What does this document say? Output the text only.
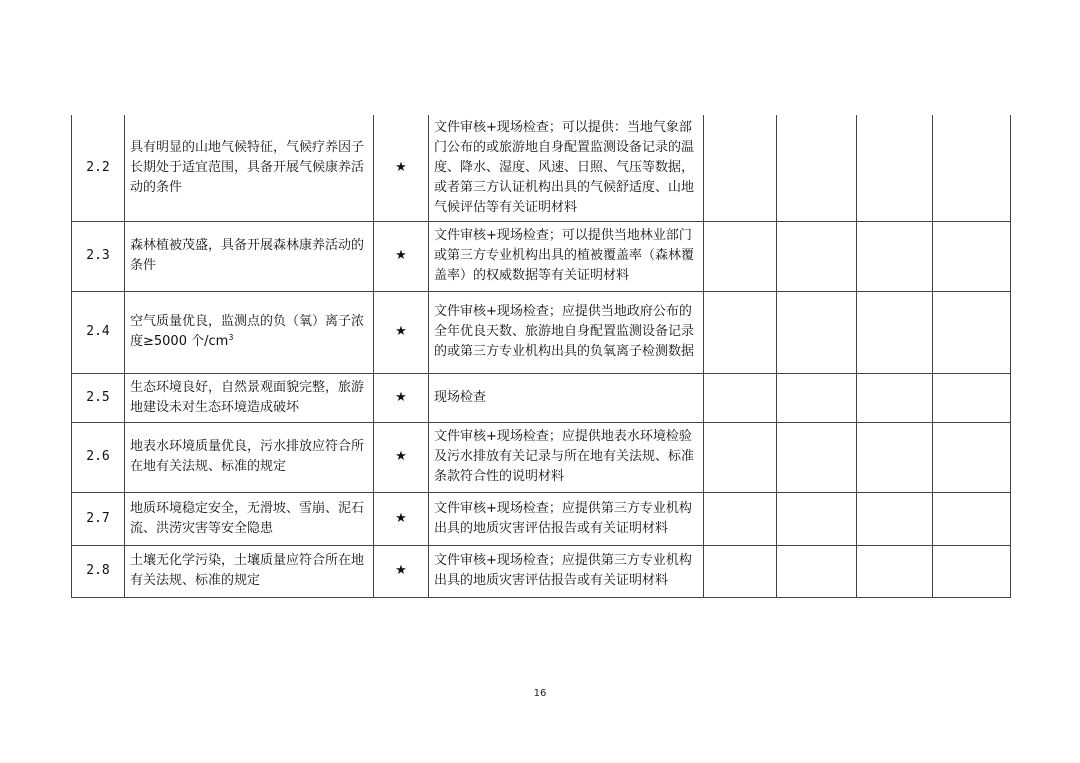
2.2	具有明显的山地气候特征，气候疗养因子长期处于适宜范围，具备开展气候康养活动的条件	★	文件审核+现场检查；可以提供：当地气象部门公布的或旅游地自身配置监测设备记录的温度、降水、湿度、风速、日照、气压等数据，或者第三方认证机构出具的气候舒适度、山地气候评估等有关证明材料				
2.3	森林植被茂盛，具备开展森林康养活动的条件	★	文件审核+现场检查；可以提供当地林业部门或第三方专业机构出具的植被覆盖率（森林覆盖率）的权威数据等有关证明材料				
2.4	空气质量优良，监测点的负（氧）离子浓度≥5000 个$/cm^3$	★	文件审核+现场检查；应提供当地政府公布的全年优良天数、旅游地自身配置监测设备记录的或第三方专业机构出具的负氧离子检测数据				
2.5	生态环境良好，自然景观面貌完整，旅游地建设未对生态环境造成破坏	★	现场检查				
2.6	地表水环境质量优良，污水排放应符合所在地有关法规、标准的规定	★	文件审核+现场检查；应提供地表水环境检验及污水排放有关记录与所在地有关法规、标准条款符合性的说明材料				
2.7	地质环境稳定安全，无滑坡、雪崩、泥石流、洪涝灾害等安全隐患	★	文件审核+现场检查；应提供第三方专业机构出具的地质灾害评估报告或有关证明材料				
2.8	土壤无化学污染，土壤质量应符合所在地有关法规、标准的规定	★	文件审核+现场检查；应提供第三方专业机构出具的地质灾害评估报告或有关证明材料				
16
